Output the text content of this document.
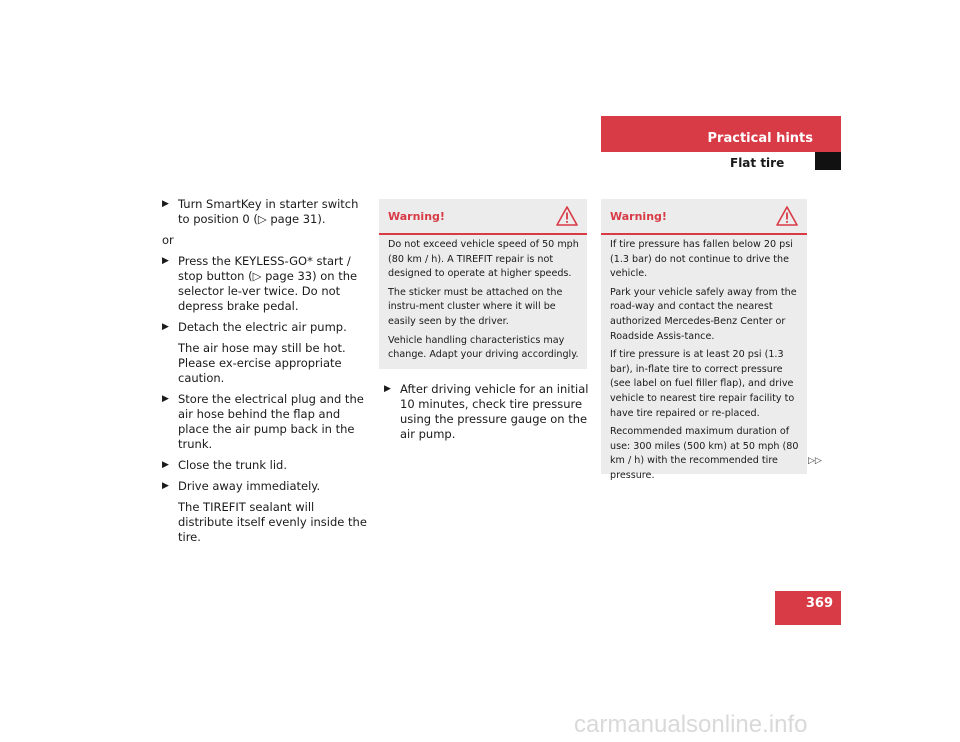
Practical hints
Flat tire
▶ Turn SmartKey in starter switch to position 0 (▷ page 31).
or
▶ Press the KEYLESS-GO* start / stop button (▷ page 33) on the selector le-ver twice. Do not depress brake pedal.
▶ Detach the electric air pump.
The air hose may still be hot. Please ex-ercise appropriate caution.
▶ Store the electrical plug and the air hose behind the flap and place the air pump back in the trunk.
▶ Close the trunk lid.
▶ Drive away immediately.
The TIREFIT sealant will distribute itself evenly inside the tire.
Warning!

Do not exceed vehicle speed of 50 mph (80 km / h). A TIREFIT repair is not designed to operate at higher speeds.

The sticker must be attached on the instru-ment cluster where it will be easily seen by the driver.

Vehicle handling characteristics may change. Adapt your driving accordingly.

▶ After driving vehicle for an initial 10 minutes, check tire pressure using the pressure gauge on the air pump.
Warning!

If tire pressure has fallen below 20 psi (1.3 bar) do not continue to drive the vehicle.

Park your vehicle safely away from the road-way and contact the nearest authorized Mercedes-Benz Center or Roadside Assis-tance.

If tire pressure is at least 20 psi (1.3 bar), in-flate tire to correct pressure (see label on fuel filler flap), and drive vehicle to nearest tire repair facility to have tire repaired or re-placed.

Recommended maximum duration of use: 300 miles (500 km) at 50 mph (80 km / h) with the recommended tire pressure.

▷▷
369
carmanualsonline.info
